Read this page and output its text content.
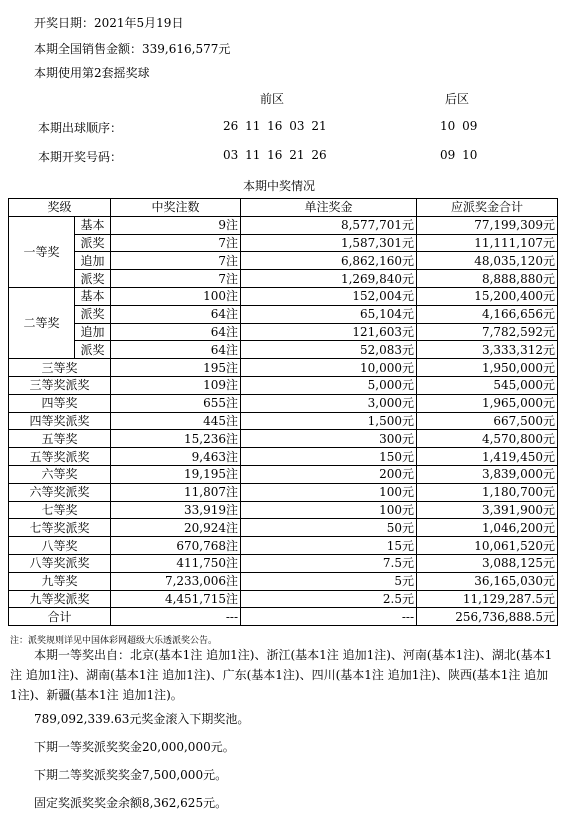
开奖日期：2021年5月19日
本期全国销售金额：339,616,577元
本期使用第2套摇奖球
前区	后区
本期出球顺序：	26 11 16 03 21	10 09
本期开奖号码：	03 11 16 21 26	09 10
本期中奖情况
奖级		中奖注数	单注奖金	应派奖金合计
一等奖	基本	9注	8,577,701元	77,199,309元
	派奖	7注	1,587,301元	11,111,107元
	追加	7注	6,862,160元	48,035,120元
	派奖	7注	1,269,840元	8,888,880元
二等奖	基本	100注	152,004元	15,200,400元
	派奖	64注	65,104元	4,166,656元
	追加	64注	121,603元	7,782,592元
	派奖	64注	52,083元	3,333,312元
三等奖		195注	10,000元	1,950,000元
三等奖派奖		109注	5,000元	545,000元
四等奖		655注	3,000元	1,965,000元
四等奖派奖		445注	1,500元	667,500元
五等奖		15,236注	300元	4,570,800元
五等奖派奖		9,463注	150元	1,419,450元
六等奖		19,195注	200元	3,839,000元
六等奖派奖		11,807注	100元	1,180,700元
七等奖		33,919注	100元	3,391,900元
七等奖派奖		20,924注	50元	1,046,200元
八等奖		670,768注	15元	10,061,520元
八等奖派奖		411,750注	7.5元	3,088,125元
九等奖		7,233,006注	5元	36,165,030元
九等奖派奖		4,451,715注	2.5元	11,129,287.5元
合计		---	---	256,736,888.5元
注：派奖规则详见中国体彩网超级大乐透派奖公告。
本期一等奖出自：北京(基本1注 追加1注)、浙江(基本1注 追加1注)、河南(基本1注)、湖北(基本1注 追加1注)、湖南(基本1注 追加1注)、广东(基本1注)、四川(基本1注 追加1注)、陕西(基本1注 追加1注)、新疆(基本1注 追加1注)。
789,092,339.63元奖金滚入下期奖池。
下期一等奖派奖奖金20,000,000元。
下期二等奖派奖奖金7,500,000元。
固定奖派奖奖金余额8,362,625元。
